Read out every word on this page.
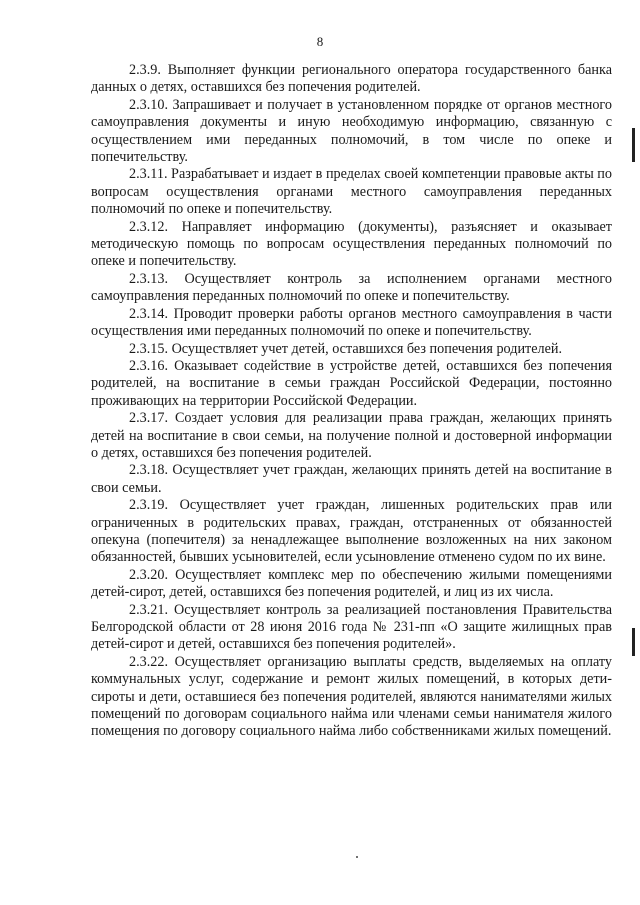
8

2.3.9. Выполняет функции регионального оператора государственного банка данных о детях, оставшихся без попечения родителей.

2.3.10. Запрашивает и получает в установленном порядке от органов местного самоуправления документы и иную необходимую информацию, связанную с осуществлением ими переданных полномочий, в том числе по опеке и попечительству.

2.3.11. Разрабатывает и издает в пределах своей компетенции правовые акты по вопросам осуществления органами местного самоуправления переданных полномочий по опеке и попечительству.

2.3.12. Направляет информацию (документы), разъясняет и оказывает методическую помощь по вопросам осуществления переданных полномочий по опеке и попечительству.

2.3.13. Осуществляет контроль за исполнением органами местного самоуправления переданных полномочий по опеке и попечительству.

2.3.14. Проводит проверки работы органов местного самоуправления в части осуществления ими переданных полномочий по опеке и попечительству.

2.3.15. Осуществляет учет детей, оставшихся без попечения родителей.

2.3.16. Оказывает содействие в устройстве детей, оставшихся без попечения родителей, на воспитание в семьи граждан Российской Федерации, постоянно проживающих на территории Российской Федерации.

2.3.17. Создает условия для реализации права граждан, желающих принять детей на воспитание в свои семьи, на получение полной и достоверной информации о детях, оставшихся без попечения родителей.

2.3.18. Осуществляет учет граждан, желающих принять детей на воспитание в свои семьи.

2.3.19. Осуществляет учет граждан, лишенных родительских прав или ограниченных в родительских правах, граждан, отстраненных от обязанностей опекуна (попечителя) за ненадлежащее выполнение возложенных на них законом обязанностей, бывших усыновителей, если усыновление отменено судом по их вине.

2.3.20. Осуществляет комплекс мер по обеспечению жилыми помещениями детей-сирот, детей, оставшихся без попечения родителей, и лиц из их числа.

2.3.21. Осуществляет контроль за реализацией постановления Правительства Белгородской области от 28 июня 2016 года № 231-пп «О защите жилищных прав детей-сирот и детей, оставшихся без попечения родителей».

2.3.22. Осуществляет организацию выплаты средств, выделяемых на оплату коммунальных услуг, содержание и ремонт жилых помещений, в которых дети-сироты и дети, оставшиеся без попечения родителей, являются нанимателями жилых помещений по договорам социального найма или членами семьи нанимателя жилого помещения по договору социального найма либо собственниками жилых помещений.
